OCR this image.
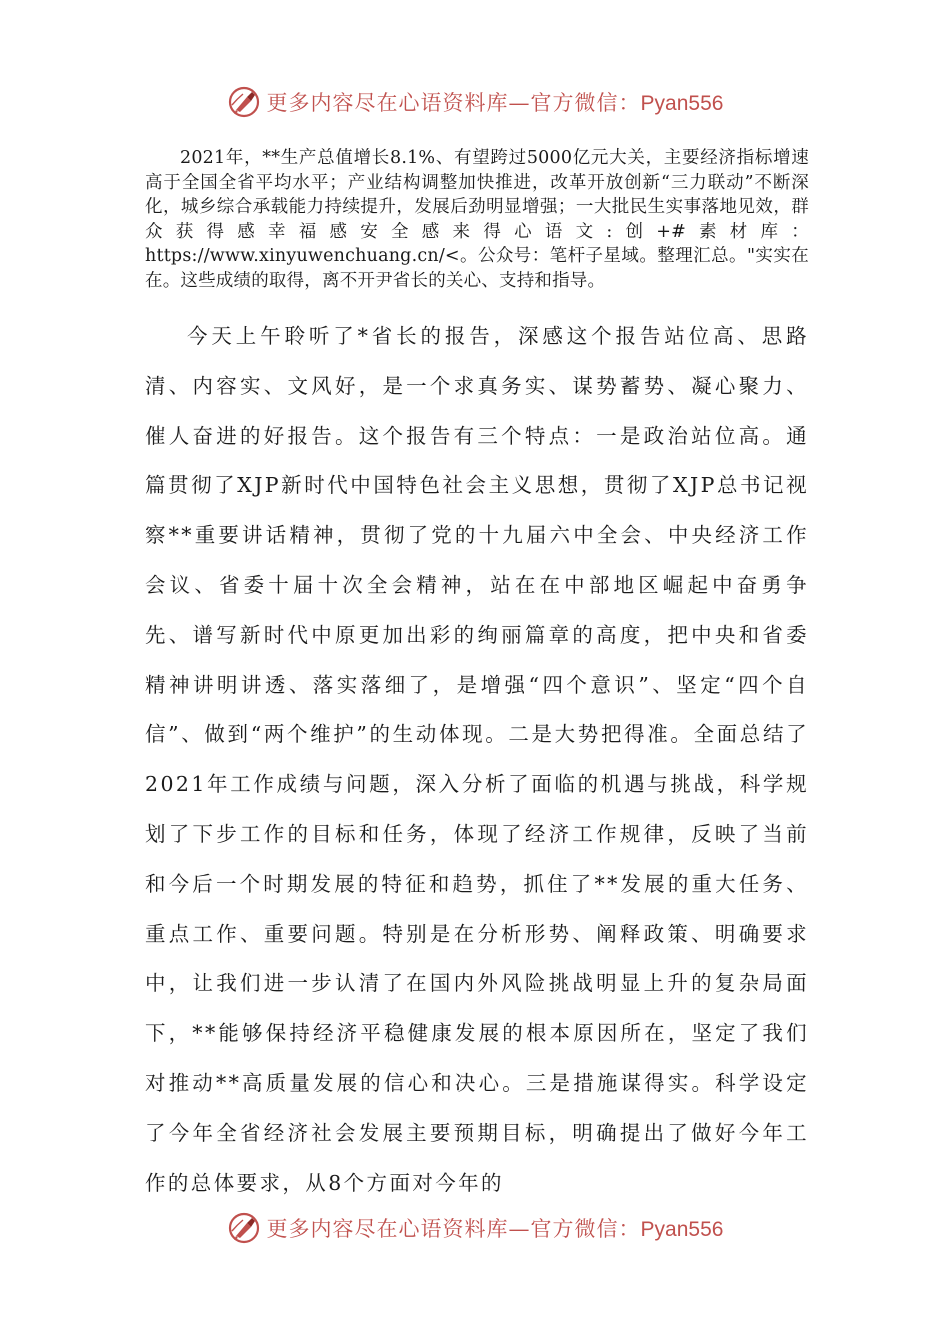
更多内容尽在心语资料库—官方微信：Pyan556

2021年，**生产总值增长8.1%、有望跨过5000亿元大关，主要经济指标增速高于全国全省平均水平；产业结构调整加快推进，改革开放创新“三力联动”不断深化，城乡综合承载能力持续提升，发展后劲明显增强；一大批民生实事落地见效，群众获得感幸福感安全感来得心语文:创+#素材库：https://www.xinyuwenchuang.cn/<。公众号：笔杆子星域。整理汇总。"实实在在。这些成绩的取得，离不开尹省长的关心、支持和指导。

今天上午聆听了*省长的报告，深感这个报告站位高、思路清、内容实、文风好，是一个求真务实、谋势蓄势、凝心聚力、催人奋进的好报告。这个报告有三个特点：一是政治站位高。通篇贯彻了XJP新时代中国特色社会主义思想，贯彻了XJP总书记视察**重要讲话精神，贯彻了党的十九届六中全会、中央经济工作会议、省委十届十次全会精神，站在在中部地区崛起中奋勇争先、谱写新时代中原更加出彩的绚丽篇章的高度，把中央和省委精神讲明讲透、落实落细了，是增强“四个意识”、坚定“四个自信”、做到“两个维护”的生动体现。二是大势把得准。全面总结了2021年工作成绩与问题，深入分析了面临的机遇与挑战，科学规划了下步工作的目标和任务，体现了经济工作规律，反映了当前和今后一个时期发展的特征和趋势，抓住了**发展的重大任务、重点工作、重要问题。特别是在分析形势、阐释政策、明确要求中，让我们进一步认清了在国内外风险挑战明显上升的复杂局面下，**能够保持经济平稳健康发展的根本原因所在，坚定了我们对推动**高质量发展的信心和决心。三是措施谋得实。科学设定了今年全省经济社会发展主要预期目标，明确提出了做好今年工作的总体要求，从8个方面对今年的

更多内容尽在心语资料库—官方微信：Pyan556
